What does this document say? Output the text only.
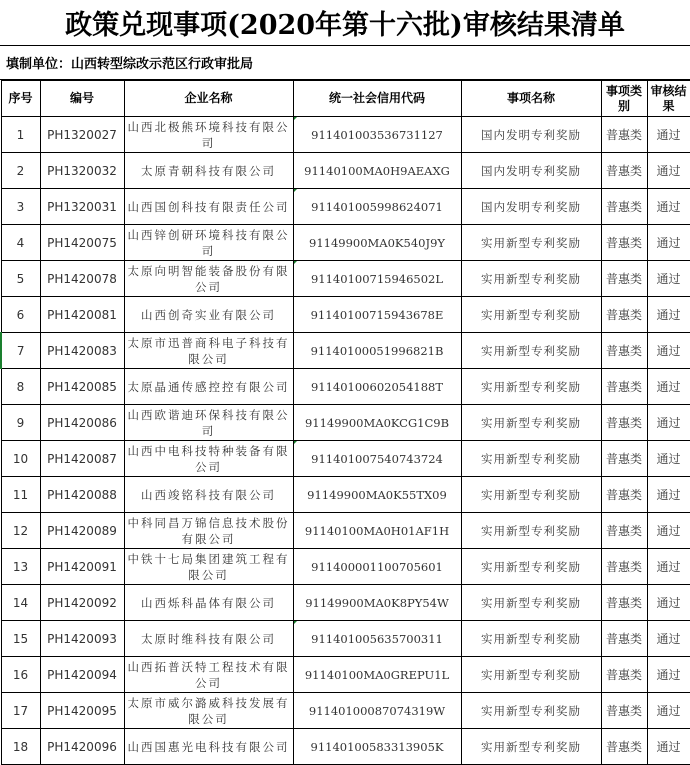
政策兑现事项(2020年第十六批)审核结果清单
填制单位：山西转型综改示范区行政审批局
序号	编号	企业名称	统一社会信用代码	事项名称	事项类别	审核结果
1	PH1320027	山西北极熊环境科技有限公司	911401003536731127	国内发明专利奖励	普惠类	通过
2	PH1320032	太原青朝科技有限公司	91140100MA0H9AEAXG	国内发明专利奖励	普惠类	通过
3	PH1320031	山西国创科技有限责任公司	911401005998624071	国内发明专利奖励	普惠类	通过
4	PH1420075	山西锌创研环境科技有限公司	91149900MA0K540J9Y	实用新型专利奖励	普惠类	通过
5	PH1420078	太原向明智能装备股份有限公司	91140100715946502L	实用新型专利奖励	普惠类	通过
6	PH1420081	山西创奇实业有限公司	91140100715943678E	实用新型专利奖励	普惠类	通过
7	PH1420083	太原市迅普商科电子科技有限公司	91140100051996821B	实用新型专利奖励	普惠类	通过
8	PH1420085	太原晶通传感控控有限公司	91140100602054188T	实用新型专利奖励	普惠类	通过
9	PH1420086	山西欧谐迪环保科技有限公司	91149900MA0KCG1C9B	实用新型专利奖励	普惠类	通过
10	PH1420087	山西中电科技特种装备有限公司	911401007540743724	实用新型专利奖励	普惠类	通过
11	PH1420088	山西竣铭科技有限公司	91149900MA0K55TX09	实用新型专利奖励	普惠类	通过
12	PH1420089	中科同昌万锦信息技术股份有限公司	91140100MA0H01AF1H	实用新型专利奖励	普惠类	通过
13	PH1420091	中铁十七局集团建筑工程有限公司	911400001100705601	实用新型专利奖励	普惠类	通过
14	PH1420092	山西烁科晶体有限公司	91149900MA0K8PY54W	实用新型专利奖励	普惠类	通过
15	PH1420093	太原时维科技有限公司	911401005635700311	实用新型专利奖励	普惠类	通过
16	PH1420094	山西拓普沃特工程技术有限公司	91140100MA0GREPU1L	实用新型专利奖励	普惠类	通过
17	PH1420095	太原市威尔潞威科技发展有限公司	91140100087074319W	实用新型专利奖励	普惠类	通过
18	PH1420096	山西国惠光电科技有限公司	91140100583313905K	实用新型专利奖励	普惠类	通过
